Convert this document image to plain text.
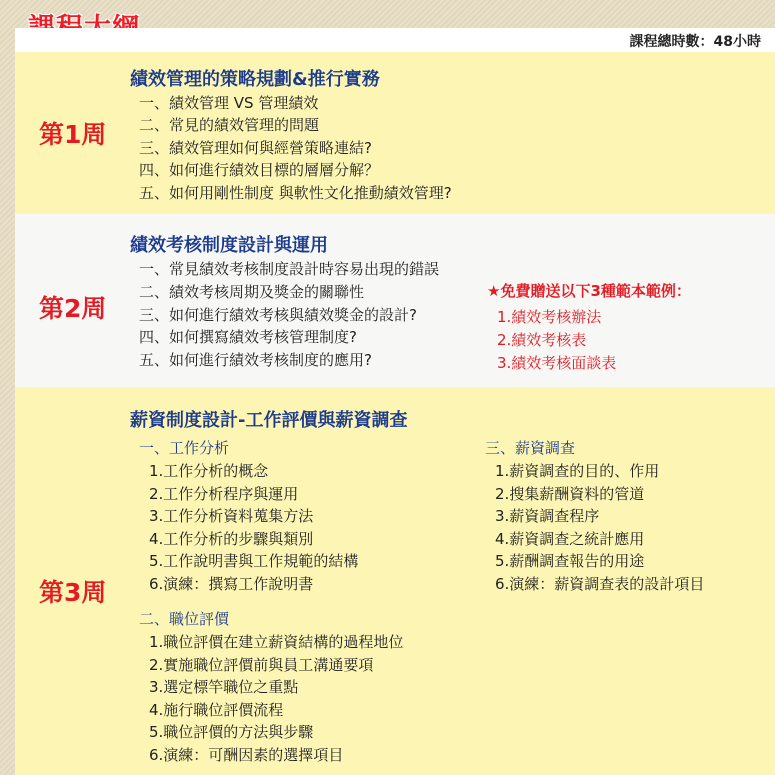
課程總時數：48小時
第1周
績效管理的策略規劃&推行實務
一、績效管理 VS 管理績效
二、常見的績效管理的問題
三、績效管理如何與經營策略連結?
四、如何進行績效目標的層層分解？
五、如何用剛性制度 與軟性文化推動績效管理?
第2周
績效考核制度設計與運用
一、常見績效考核制度設計時容易出現的錯誤
二、績效考核周期及獎金的關聯性
三、如何進行績效考核與績效獎金的設計?
四、如何撰寫績效考核管理制度?
五、如何進行績效考核制度的應用?
★免費贈送以下3種範本範例：
1.績效考核辦法
2.績效考核表
3.績效考核面談表
第3周
薪資制度設計-工作評價與薪資調查
一、工作分析
1.工作分析的概念
2.工作分析程序與運用
3.工作分析資料蒐集方法
4.工作分析的步驟與類別
5.工作說明書與工作規範的結構
6.演練：撰寫工作說明書
二、職位評價
1.職位評價在建立薪資結構的過程地位
2.實施職位評價前與員工溝通要項
3.選定標竿職位之重點
4.施行職位評價流程
5.職位評價的方法與步驟
6.演練：可酬因素的選擇項目
三、薪資調查
1.薪資調查的目的、作用
2.搜集薪酬資料的管道
3.薪資調查程序
4.薪資調查之統計應用
5.薪酬調查報告的用途
6.演練：薪資調查表的設計項目
